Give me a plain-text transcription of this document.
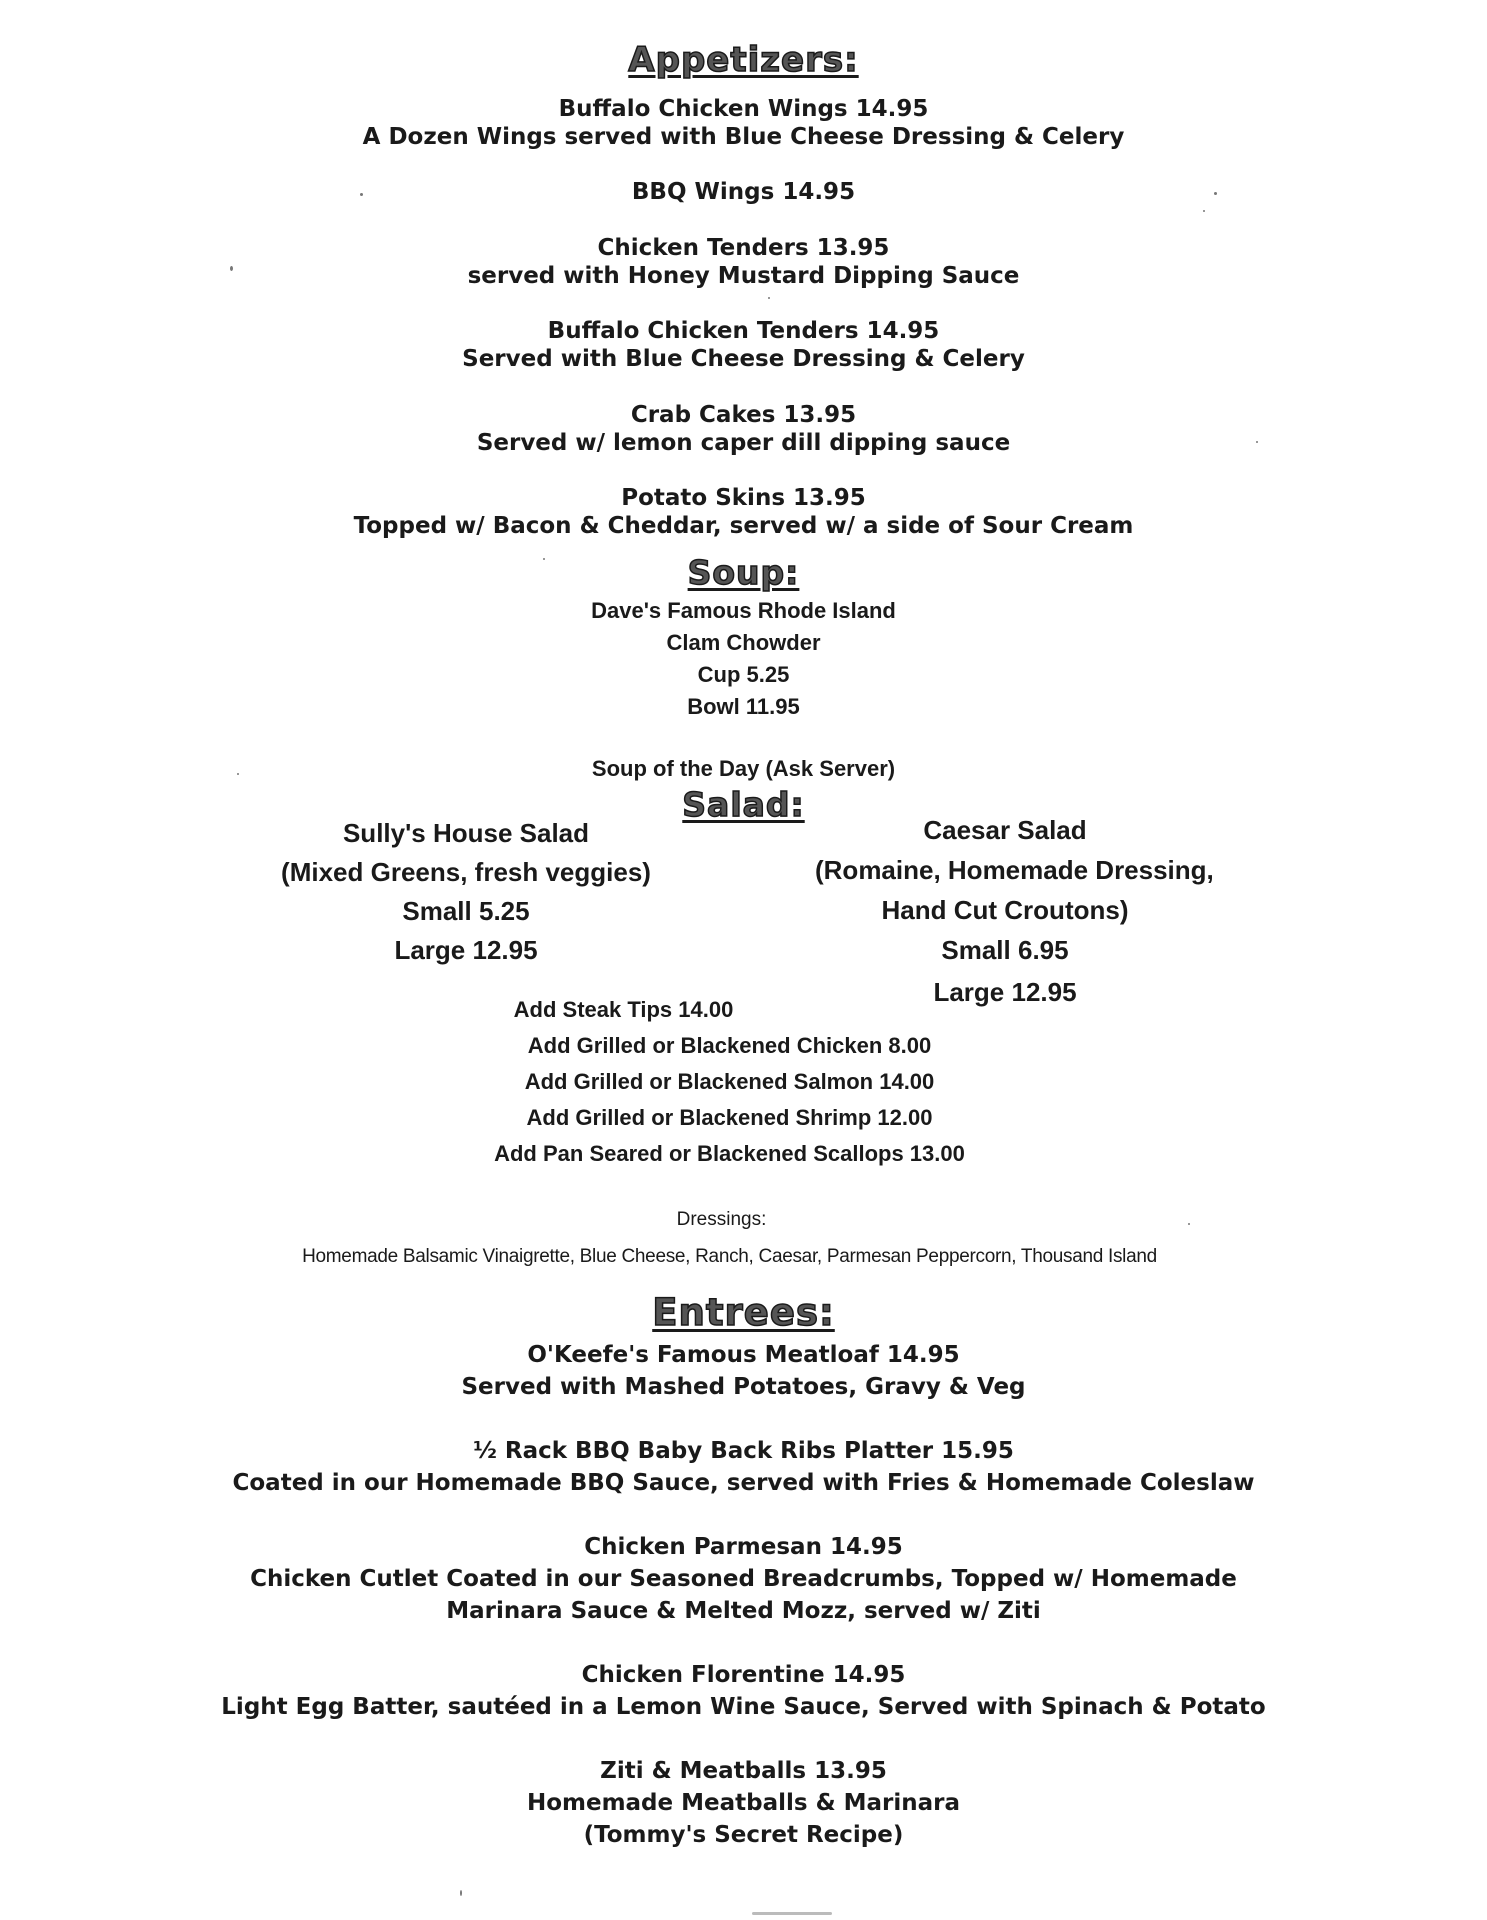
Appetizers:
Buffalo Chicken Wings 14.95
A Dozen Wings served with Blue Cheese Dressing & Celery
BBQ Wings 14.95
Chicken Tenders 13.95
served with Honey Mustard Dipping Sauce
Buffalo Chicken Tenders 14.95
Served with Blue Cheese Dressing & Celery
Crab Cakes 13.95
Served w/ lemon caper dill dipping sauce
Potato Skins 13.95
Topped w/ Bacon & Cheddar, served w/ a side of Sour Cream
Soup:
Dave's Famous Rhode Island
Clam Chowder
Cup 5.25
Bowl 11.95
Soup of the Day (Ask Server)
Salad:
Sully's House Salad
(Mixed Greens, fresh veggies)
Small 5.25
Large 12.95
Caesar Salad
(Romaine, Homemade Dressing,
Hand Cut Croutons)
Small 6.95
Large 12.95
Add Steak Tips 14.00
Add Grilled or Blackened Chicken 8.00
Add Grilled or Blackened Salmon 14.00
Add Grilled or Blackened Shrimp 12.00
Add Pan Seared or Blackened Scallops 13.00
Dressings:
Homemade Balsamic Vinaigrette, Blue Cheese, Ranch, Caesar, Parmesan Peppercorn, Thousand Island
Entrees:
O'Keefe's Famous Meatloaf 14.95
Served with Mashed Potatoes, Gravy & Veg
½ Rack BBQ Baby Back Ribs Platter 15.95
Coated in our Homemade BBQ Sauce, served with Fries & Homemade Coleslaw
Chicken Parmesan 14.95
Chicken Cutlet Coated in our Seasoned Breadcrumbs, Topped w/ Homemade
Marinara Sauce & Melted Mozz, served w/ Ziti
Chicken Florentine 14.95
Light Egg Batter, sautéed in a Lemon Wine Sauce, Served with Spinach & Potato
Ziti & Meatballs 13.95
Homemade Meatballs & Marinara
(Tommy's Secret Recipe)
